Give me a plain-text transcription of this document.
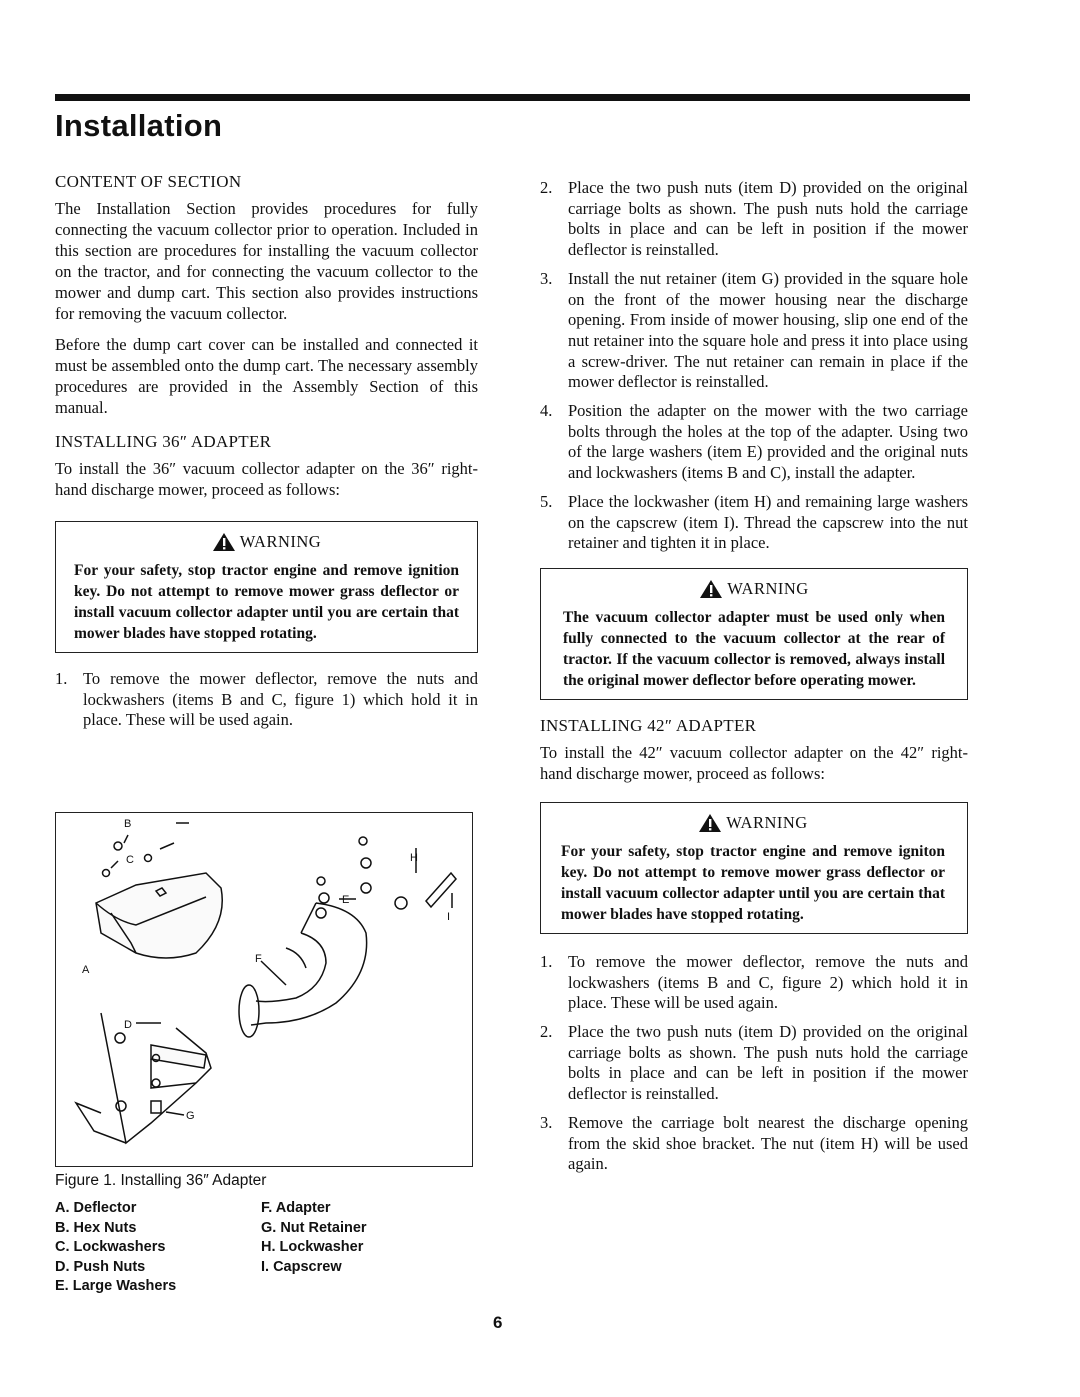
Installation
CONTENT OF SECTION

The Installation Section provides procedures for fully connecting the vacuum collector prior to operation. Included in this section are procedures for installing the vacuum collector on the tractor, and for connecting the vacuum collector to the mower and dump cart. This section also provides instructions for removing the vacuum collector.

Before the dump cart cover can be installed and connected it must be assembled onto the dump cart. The necessary assembly procedures are provided in the Assembly Section of this manual.

INSTALLING 36″ ADAPTER

To install the 36″ vacuum collector adapter on the 36″ right-hand discharge mower, proceed as follows:

WARNING
For your safety, stop tractor engine and remove ignition key. Do not attempt to remove mower grass deflector or install vacuum collector adapter until you are certain that mower blades have stopped rotating.
1. To remove the mower deflector, remove the nuts and lockwashers (items B and C, figure 1) which hold it in place. These will be used again.
B
C
A
D
E
F
G
H
I
Figure 1. Installing 36″ Adapter
A. Deflector
B. Hex Nuts
C. Lockwashers
D. Push Nuts
E. Large Washers
F. Adapter
G. Nut Retainer
H. Lockwasher
I. Capscrew
2. Place the two push nuts (item D) provided on the original carriage bolts as shown. The push nuts hold the carriage bolts in place and can be left in position if the mower deflector is reinstalled.
3. Install the nut retainer (item G) provided in the square hole on the front of the mower housing near the discharge opening. From inside of mower housing, slip one end of the nut retainer into the square hole and press it into place using a screw-driver. The nut retainer can remain in place if the mower deflector is reinstalled.
4. Position the adapter on the mower with the two carriage bolts through the holes at the top of the adapter. Using two of the large washers (item E) provided and the original nuts and lockwashers (items B and C), install the adapter.
5. Place the lockwasher (item H) and remaining large washers on the capscrew (item I). Thread the capscrew into the nut retainer and tighten it in place.
WARNING
The vacuum collector adapter must be used only when fully connected to the vacuum collector at the rear of tractor. If the vacuum collector is removed, always install the original mower deflector before operating mower.
INSTALLING 42″ ADAPTER

To install the 42″ vacuum collector adapter on the 42″ right-hand discharge mower, proceed as follows:

WARNING
For your safety, stop tractor engine and remove igniton key. Do not attempt to remove mower grass deflector or install vacuum collector adapter until you are certain that mower blades have stopped rotating.
1. To remove the mower deflector, remove the nuts and lockwashers (items B and C, figure 2) which hold it in place. These will be used again.
2. Place the two push nuts (item D) provided on the original carriage bolts as shown. The push nuts hold the carriage bolts in place and can be left in position if the mower deflector is reinstalled.
3. Remove the carriage bolt nearest the discharge opening from the skid shoe bracket. The nut (item H) will be used again.
6
